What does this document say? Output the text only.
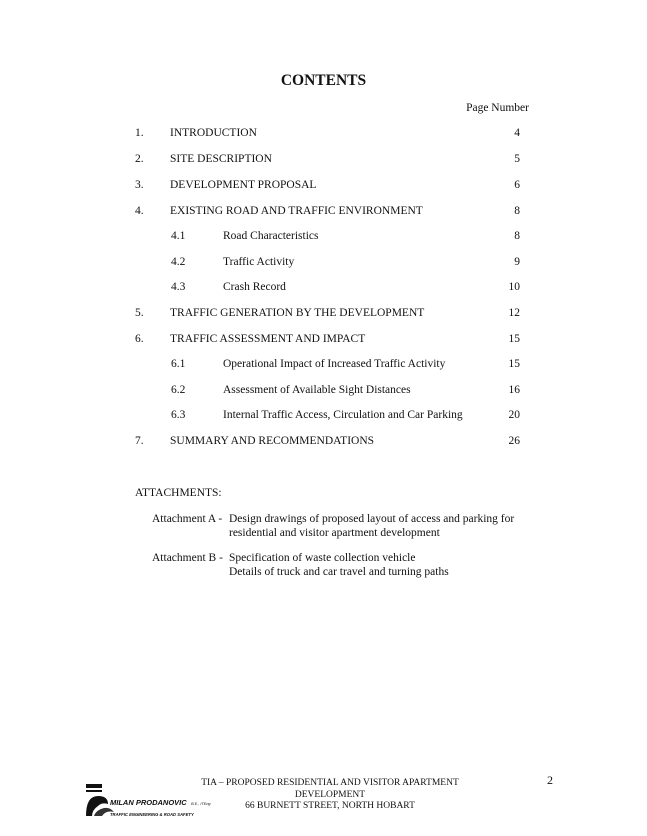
CONTENTS
Page Number
1. INTRODUCTION	4
2. SITE DESCRIPTION	5
3. DEVELOPMENT PROPOSAL	6
4. EXISTING ROAD AND TRAFFIC ENVIRONMENT	8
4.1	Road Characteristics	8
4.2	Traffic Activity	9
4.3	Crash Record	10
5. TRAFFIC GENERATION BY THE DEVELOPMENT	12
6. TRAFFIC ASSESSMENT AND IMPACT	15
6.1	Operational Impact of Increased Traffic Activity	15
6.2	Assessment of Available Sight Distances	16
6.3	Internal Traffic Access, Circulation and Car Parking	20
7. SUMMARY AND RECOMMENDATIONS	26
ATTACHMENTS:
Attachment A - Design drawings of proposed layout of access and parking for
residential and visitor apartment development
Attachment B - Specification of waste collection vehicle
Details of truck and car travel and turning paths
MILAN PRODANOVIC B.E., ITEng
TRAFFIC ENGINEERING & ROAD SAFETY
TIA – PROPOSED RESIDENTIAL AND VISITOR APARTMENT
DEVELOPMENT
66 BURNETT STREET, NORTH HOBART
2
